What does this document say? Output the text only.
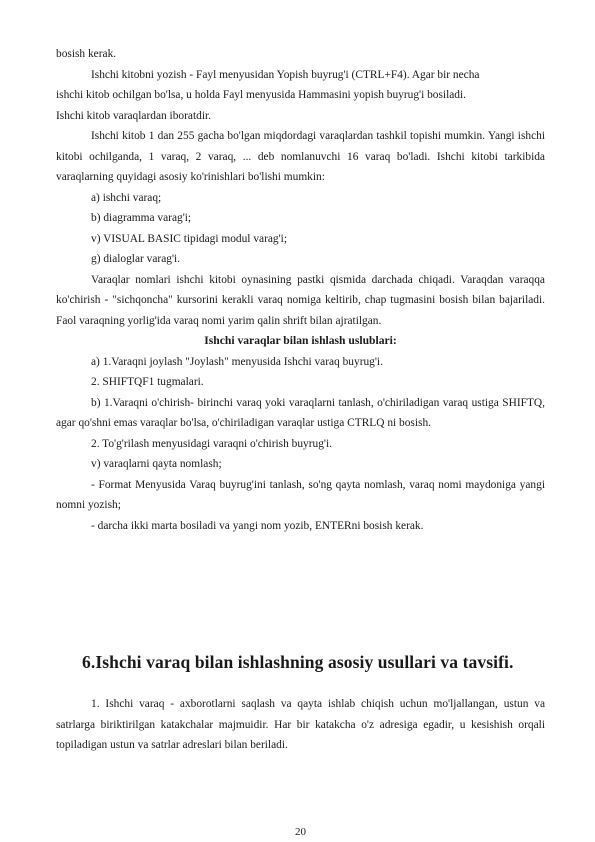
bosish kerak.

Ishchi kitobni yozish - Fayl menyusidan Yopish buyrug'i (CTRL+F4). Agar bir necha

ishchi kitob ochilgan bo'lsa, u holda Fayl menyusida Hammasini yopish buyrug'i bosiladi.

Ishchi kitob varaqlardan iboratdir.

Ishchi kitob 1 dan 255 gacha bo'lgan miqdordagi varaqlardan tashkil topishi mumkin. Yangi ishchi kitobi ochilganda, 1 varaq, 2 varaq, ... deb nomlanuvchi 16 varaq bo'ladi. Ishchi kitobi tarkibida varaqlarning quyidagi asosiy ko'rinishlari bo'lishi mumkin:

a) ishchi varaq;

b) diagramma varag'i;

v) VISUAL BASIC tipidagi modul varag'i;

g) dialoglar varag'i.

Varaqlar nomlari ishchi kitobi oynasining pastki qismida darchada chiqadi. Varaqdan varaqqa ko'chirish - "sichqoncha" kursorini kerakli varaq nomiga keltirib, chap tugmasini bosish bilan bajariladi. Faol varaqning yorlig'ida varaq nomi yarim qalin shrift bilan ajratilgan.

Ishchi varaqlar bilan ishlash uslublari:

a) 1.Varaqni joylash "Joylash" menyusida Ishchi varaq buyrug'i.

2. SHIFTQF1 tugmalari.

b) 1.Varaqni o'chirish- birinchi varaq yoki varaqlarni tanlash, o'chiriladigan varaq ustiga SHIFTQ, agar qo'shni emas varaqlar bo'lsa, o'chiriladigan varaqlar ustiga CTRLQ ni bosish.

2. To'g'rilash menyusidagi varaqni o'chirish buyrug'i.

v) varaqlarni qayta nomlash;

- Format Menyusida Varaq buyrug'ini tanlash, so'ng qayta nomlash, varaq nomi maydoniga yangi nomni yozish;

- darcha ikki marta bosiladi va yangi nom yozib, ENTERni bosish kerak.

6.Ishchi varaq bilan ishlashning asosiy usullari va tavsifi.

1. Ishchi varaq - axborotlarni saqlash va qayta ishlab chiqish uchun mo'ljallangan, ustun va satrlarga biriktirilgan katakchalar majmuidir. Har bir katakcha o'z adresiga egadir, u kesishish orqali topiladigan ustun va satrlar adreslari bilan beriladi.

20
